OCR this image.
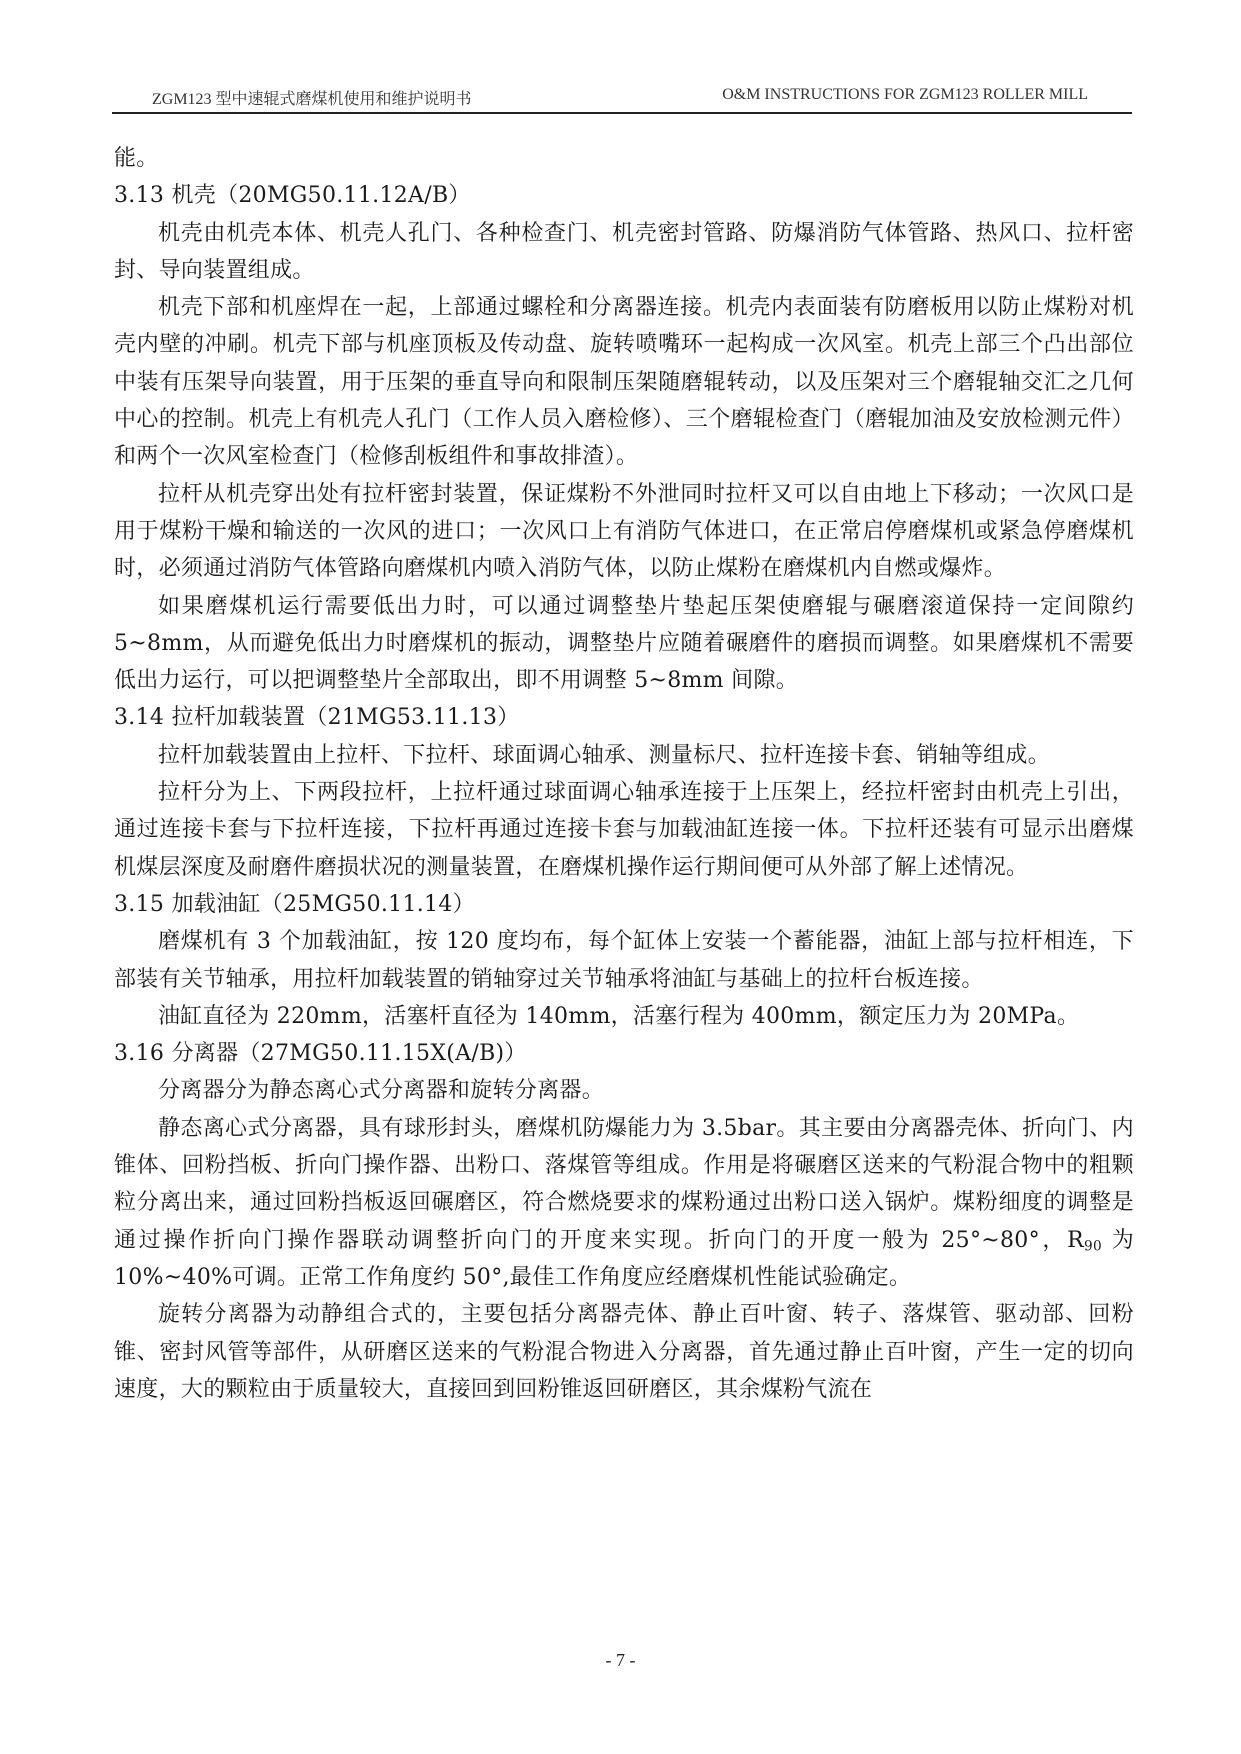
ZGM123 型中速辊式磨煤机使用和维护说明书	O&M INSTRUCTIONS FOR ZGM123 ROLLER MILL

能。

3.13 机壳（20MG50.11.12A/B）

机壳由机壳本体、机壳人孔门、各种检查门、机壳密封管路、防爆消防气体管路、热风口、拉杆密封、导向装置组成。

机壳下部和机座焊在一起，上部通过螺栓和分离器连接。机壳内表面装有防磨板用以防止煤粉对机壳内壁的冲刷。机壳下部与机座顶板及传动盘、旋转喷嘴环一起构成一次风室。机壳上部三个凸出部位中装有压架导向装置，用于压架的垂直导向和限制压架随磨辊转动，以及压架对三个磨辊轴交汇之几何中心的控制。机壳上有机壳人孔门（工作人员入磨检修）、三个磨辊检查门（磨辊加油及安放检测元件）和两个一次风室检查门（检修刮板组件和事故排渣）。

拉杆从机壳穿出处有拉杆密封装置，保证煤粉不外泄同时拉杆又可以自由地上下移动；一次风口是用于煤粉干燥和输送的一次风的进口；一次风口上有消防气体进口，在正常启停磨煤机或紧急停磨煤机时，必须通过消防气体管路向磨煤机内喷入消防气体，以防止煤粉在磨煤机内自燃或爆炸。

如果磨煤机运行需要低出力时，可以通过调整垫片垫起压架使磨辊与碾磨滚道保持一定间隙约 5~8mm，从而避免低出力时磨煤机的振动，调整垫片应随着碾磨件的磨损而调整。如果磨煤机不需要低出力运行，可以把调整垫片全部取出，即不用调整 5~8mm 间隙。

3.14 拉杆加载装置（21MG53.11.13）

拉杆加载装置由上拉杆、下拉杆、球面调心轴承、测量标尺、拉杆连接卡套、销轴等组成。

拉杆分为上、下两段拉杆，上拉杆通过球面调心轴承连接于上压架上，经拉杆密封由机壳上引出，通过连接卡套与下拉杆连接，下拉杆再通过连接卡套与加载油缸连接一体。下拉杆还装有可显示出磨煤机煤层深度及耐磨件磨损状况的测量装置，在磨煤机操作运行期间便可从外部了解上述情况。

3.15 加载油缸（25MG50.11.14）

磨煤机有 3 个加载油缸，按 120 度均布，每个缸体上安装一个蓄能器，油缸上部与拉杆相连，下部装有关节轴承，用拉杆加载装置的销轴穿过关节轴承将油缸与基础上的拉杆台板连接。

油缸直径为 220mm，活塞杆直径为 140mm，活塞行程为 400mm，额定压力为 20MPa。

3.16 分离器（27MG50.11.15X(A/B)）

分离器分为静态离心式分离器和旋转分离器。

静态离心式分离器，具有球形封头，磨煤机防爆能力为 3.5bar。其主要由分离器壳体、折向门、内锥体、回粉挡板、折向门操作器、出粉口、落煤管等组成。作用是将碾磨区送来的气粉混合物中的粗颗粒分离出来，通过回粉挡板返回碾磨区，符合燃烧要求的煤粉通过出粉口送入锅炉。煤粉细度的调整是通过操作折向门操作器联动调整折向门的开度来实现。折向门的开度一般为 25°~80°，$R_{90}$ 为 10%~40%可调。正常工作角度约 50°,最佳工作角度应经磨煤机性能试验确定。

旋转分离器为动静组合式的，主要包括分离器壳体、静止百叶窗、转子、落煤管、驱动部、回粉锥、密封风管等部件，从研磨区送来的气粉混合物进入分离器，首先通过静止百叶窗，产生一定的切向速度，大的颗粒由于质量较大，直接回到回粉锥返回研磨区，其余煤粉气流在

- 7 -
